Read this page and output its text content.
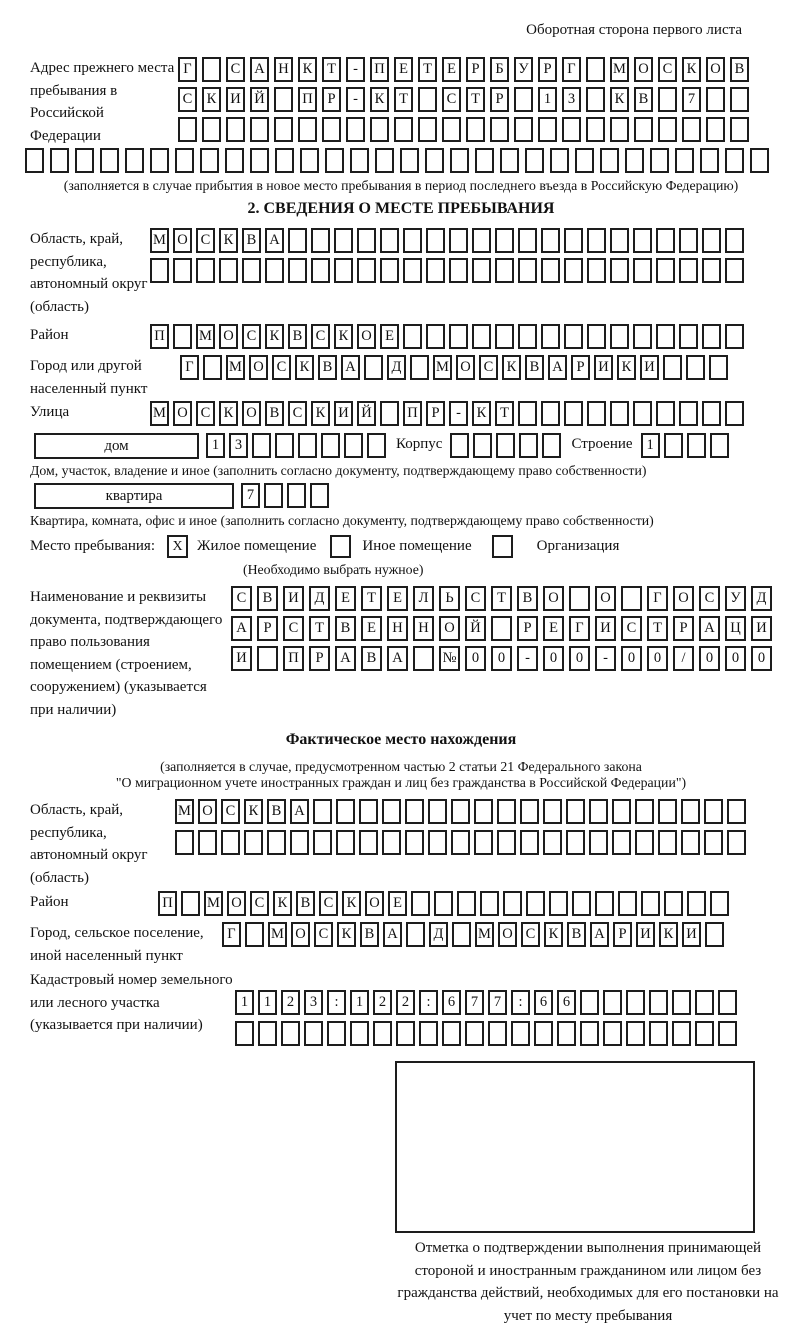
Оборотная сторона первого листа
Адрес прежнего места пребывания в Российской Федерации
Г	С А Н К	Т	-	П Е	Т	Е	Р	Б	У	Р	Г	М О С К О В
С К И Й	П	Р	-	К	Т	С	Т	Р	1	3	К В	7
(заполняется в случае прибытия в новое место пребывания в период последнего въезда в Российскую Федерацию)
2. СВЕДЕНИЯ О МЕСТЕ ПРЕБЫВАНИЯ
Область, край, республика, автономный округ (область)
М О С К В А
Район	П М О С К В С К О Е
Город или другой населенный пункт
Г	М О С К В А	Д	М О С К В А Р И К И
Улица	М О С К О В С К И Й П Р	-	К Т
дом	1	3	Корпус	Строение 1
Дом, участок, владение и иное (заполнить согласно документу, подтверждающему право собственности)
квартира	7
Квартира, комната, офис и иное (заполнить согласно документу, подтверждающему право собственности)
Место пребывания:	X Жилое помещение	Иное помещение	Организация
(Необходимо выбрать нужное)
Наименование и реквизиты документа, подтверждающего право пользования помещением (строением, сооружением) (указывается при наличии)
С	В	И	Д	Е	Т	Е	Л	Ь	С	Т	В	О	О	Г	О	С	У	Д
А	Р	С	Т	В	Е	Н	Н	О	Й	Р	Е	Г	И	С	Т	Р	А	Ц	И
И	П	Р	А	В	А	№	0	0	-	0	0	-	0	0	/	0	0	0
Фактическое место нахождения
(заполняется в случае, предусмотренном частью 2 статьи 21 Федерального закона
"О миграционном учете иностранных граждан и лиц без гражданства в Российской Федерации")
Область, край, республика, автономный округ (область)
М О С К В А
Район	П М О С К В С К О Е
Город, сельское поселение, иной населенный пункт
Г	М О С К В А	Д	М О С К В А Р И К И
Кадастровый номер земельного или лесного участка (указывается при наличии)
1	1	2	3	:	1	2	2	:	6	7	7	:	6	6
Отметка о подтверждении выполнения принимающей стороной и иностранным гражданином или лицом без гражданства действий, необходимых для его постановки на учет по месту пребывания
